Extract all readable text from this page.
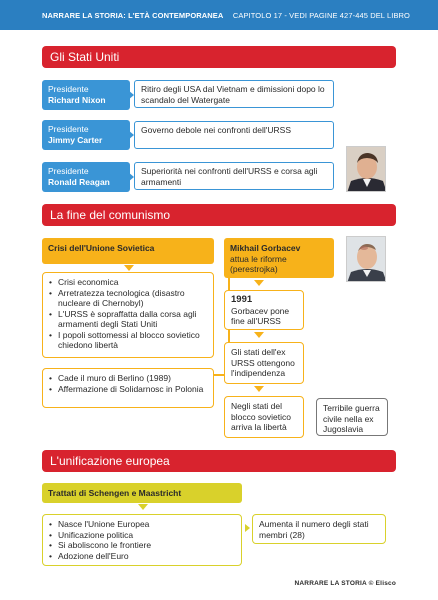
NARRARE LA STORIA: L'ETÀ CONTEMPORANEA CAPITOLO 17 - VEDI PAGINE 427-445 DEL LIBRO
Gli Stati Uniti
Presidente
Richard Nixon
Ritiro degli USA dal Vietnam e dimissioni dopo lo scandalo del Watergate
Presidente
Jimmy Carter
Governo debole nei confronti dell'URSS
Presidente
Ronald Reagan
Superiorità nei confronti dell'URSS e corsa agli armamenti
La fine del comunismo
Crisi dell'Unione Sovietica
• Crisi economica
• Arretratezza tecnologica (disastro nucleare di Chernobyl)
• L'URSS è sopraffatta dalla corsa agli armamenti degli Stati Uniti
• I popoli sottomessi al blocco sovietico chiedono libertà
• Cade il muro di Berlino (1989)
• Affermazione di Solidarnosc in Polonia
Mikhail Gorbacev
attua le riforme (perestrojka)
1991
Gorbacev pone fine all'URSS
Gli stati dell'ex URSS ottengono l'indipendenza
Negli stati del blocco sovietico arriva la libertà
Terribile guerra civile nella ex Jugoslavia
L'unificazione europea
Trattati di Schengen e Maastricht
• Nasce l'Unione Europea
• Unificazione politica
• Si aboliscono le frontiere
• Adozione dell'Euro
Aumenta il numero degli stati membri (28)
NARRARE LA STORIA © Elisco
